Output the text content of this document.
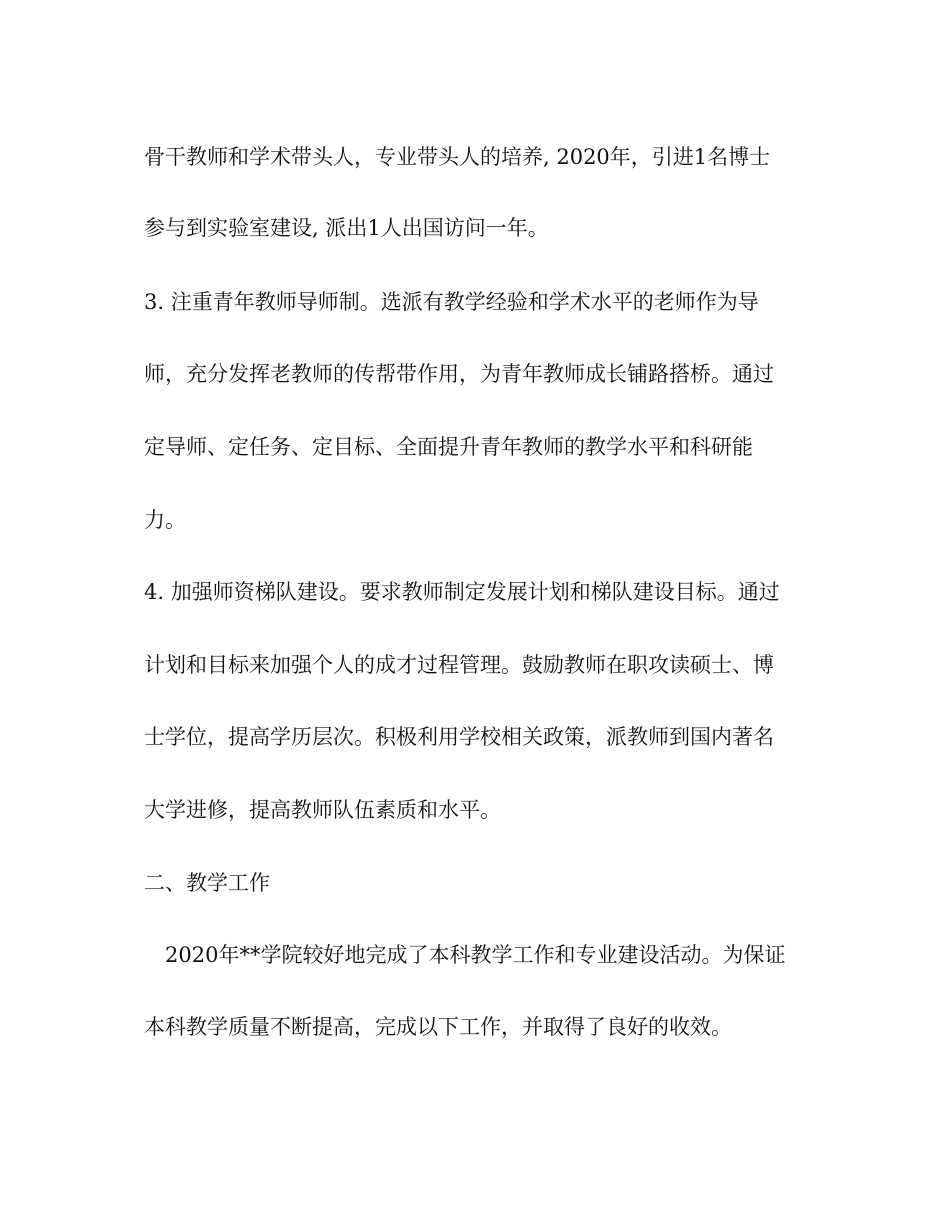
骨干教师和学术带头人，专业带头人的培养, 2020年，引进1名博士
参与到实验室建设, 派出1人出国访问一年。
3. 注重青年教师导师制。选派有教学经验和学术水平的老师作为导
师，充分发挥老教师的传帮带作用，为青年教师成长铺路搭桥。通过
定导师、定任务、定目标、全面提升青年教师的教学水平和科研能
力。
4. 加强师资梯队建设。要求教师制定发展计划和梯队建设目标。通过
计划和目标来加强个人的成才过程管理。鼓励教师在职攻读硕士、博
士学位，提高学历层次。积极利用学校相关政策，派教师到国内著名
大学进修，提高教师队伍素质和水平。
二、教学工作
2020年**学院较好地完成了本科教学工作和专业建设活动。为保证
本科教学质量不断提高，完成以下工作，并取得了良好的收效。
